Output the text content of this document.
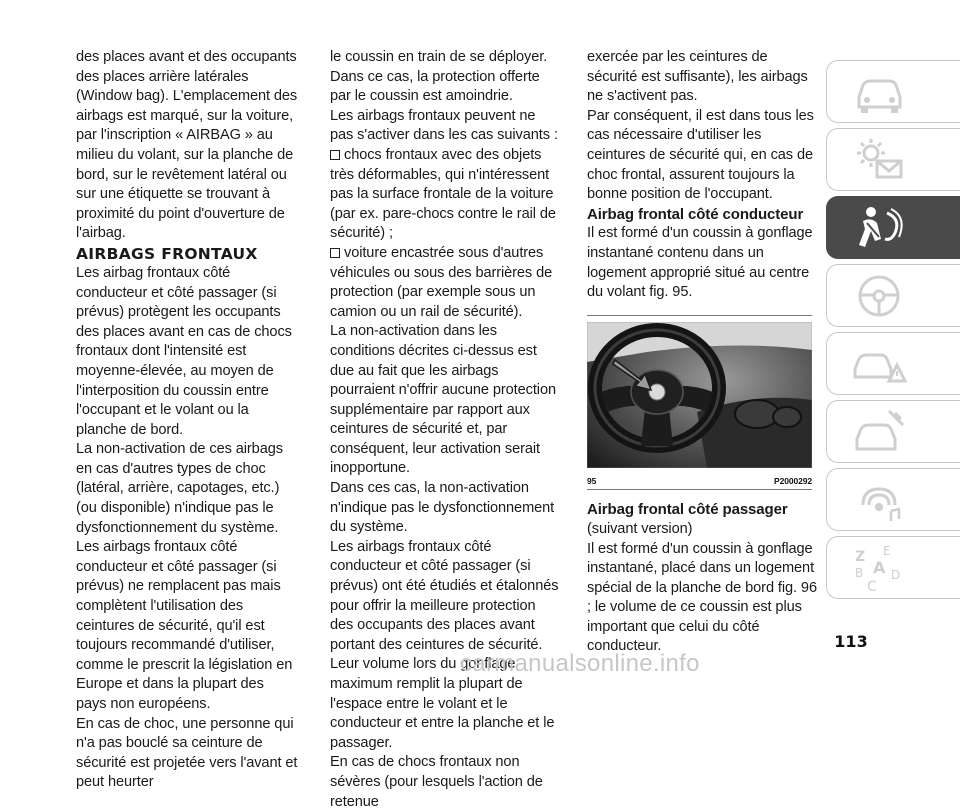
des places avant et des occupants des places arrière latérales (Window bag). L'emplacement des airbags est marqué, sur la voiture, par l'inscription « AIRBAG » au milieu du volant, sur la planche de bord, sur le revêtement latéral ou sur une étiquette se trouvant à proximité du point d'ouverture de l'airbag.

AIRBAGS FRONTAUX

Les airbag frontaux côté conducteur et côté passager (si prévus) protègent les occupants des places avant en cas de chocs frontaux dont l'intensité est moyenne-élevée, au moyen de l'interposition du coussin entre l'occupant et le volant ou la planche de bord.

La non-activation de ces airbags en cas d'autres types de choc (latéral, arrière, capotages, etc.) (ou disponible) n'indique pas le dysfonctionnement du système.

Les airbags frontaux côté conducteur et côté passager (si prévus) ne remplacent pas mais complètent l'utilisation des ceintures de sécurité, qu'il est toujours recommandé d'utiliser, comme le prescrit la législation en Europe et dans la plupart des pays non européens.

En cas de choc, une personne qui n'a pas bouclé sa ceinture de sécurité est projetée vers l'avant et peut heurter

le coussin en train de se déployer. Dans ce cas, la protection offerte par le coussin est amoindrie.

Les airbags frontaux peuvent ne pas s'activer dans les cas suivants :

chocs frontaux avec des objets très déformables, qui n'intéressent pas la surface frontale de la voiture (par ex. pare-chocs contre le rail de sécurité) ;

voiture encastrée sous d'autres véhicules ou sous des barrières de protection (par exemple sous un camion ou un rail de sécurité).

La non-activation dans les conditions décrites ci-dessus est due au fait que les airbags pourraient n'offrir aucune protection supplémentaire par rapport aux ceintures de sécurité et, par conséquent, leur activation serait inopportune.

Dans ces cas, la non-activation n'indique pas le dysfonctionnement du système.

Les airbags frontaux côté conducteur et côté passager (si prévus) ont été étudiés et étalonnés pour offrir la meilleure protection des occupants des places avant portant des ceintures de sécurité. Leur volume lors du gonflage maximum remplit la plupart de l'espace entre le volant et le conducteur et entre la planche et le passager.

En cas de chocs frontaux non sévères (pour lesquels l'action de retenue

exercée par les ceintures de sécurité est suffisante), les airbags ne s'activent pas.

Par conséquent, il est dans tous les cas nécessaire d'utiliser les ceintures de sécurité qui, en cas de choc frontal, assurent toujours la bonne position de l'occupant.

Airbag frontal côté conducteur

Il est formé d'un coussin à gonflage instantané contenu dans un logement approprié situé au centre du volant fig. 95.

95	P2000292

Airbag frontal côté passager

(suivant version)

Il est formé d'un coussin à gonflage instantané, placé dans un logement spécial de la planche de bord fig. 96 ; le volume de ce coussin est plus important que celui du côté conducteur.

Z E
A
B D
C
113
carmanualsonline.info
